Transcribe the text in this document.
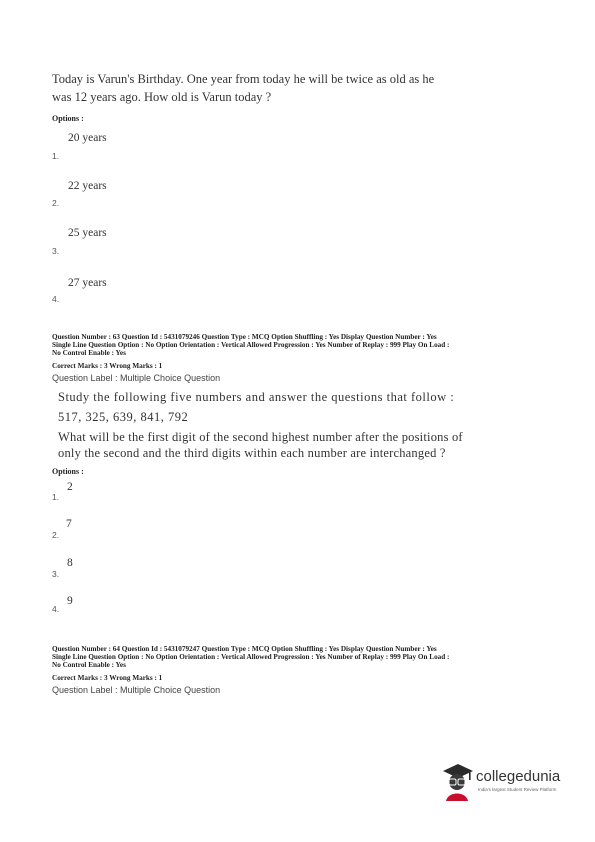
Today is Varun's Birthday. One year from today he will be twice as old as he
was 12 years ago. How old is Varun today ?
Options :
20 years
1.
22 years
2.
25 years
3.
27 years
4.
Question Number : 63 Question Id : 5431079246 Question Type : MCQ Option Shuffling : Yes Display Question Number : Yes
Single Line Question Option : No Option Orientation : Vertical Allowed Progression : Yes Number of Replay : 999 Play On Load :
No Control Enable : Yes
Correct Marks : 3 Wrong Marks : 1
Question Label : Multiple Choice Question
Study the following five numbers and answer the questions that follow :
517, 325, 639, 841, 792
What will be the first digit of the second highest number after the positions of
only the second and the third digits within each number are interchanged ?
Options :
2
1.
7
2.
8
3.
9
4.
Question Number : 64 Question Id : 5431079247 Question Type : MCQ Option Shuffling : Yes Display Question Number : Yes
Single Line Question Option : No Option Orientation : Vertical Allowed Progression : Yes Number of Replay : 999 Play On Load :
No Control Enable : Yes
Correct Marks : 3 Wrong Marks : 1
Question Label : Multiple Choice Question
collegedunia
India's largest Student Review Platform
